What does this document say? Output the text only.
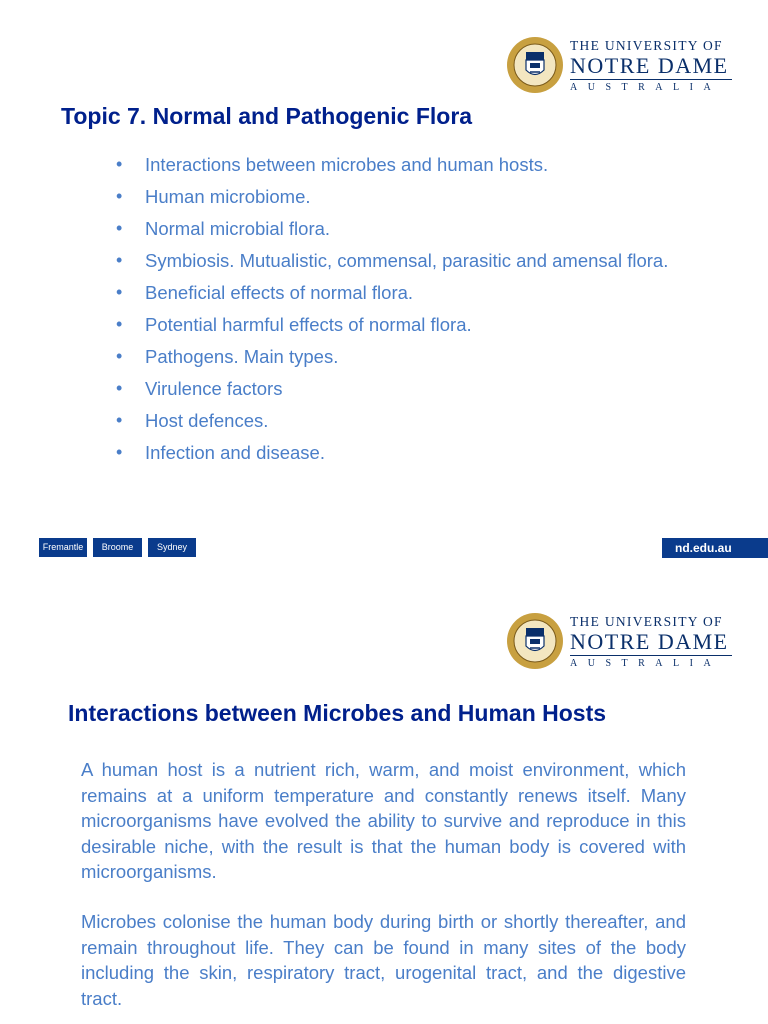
THE UNIVERSITY OF
NOTRE DAME
AUSTRALIA
Topic 7. Normal and Pathogenic Flora
• Interactions between microbes and human hosts.
• Human microbiome.
• Normal microbial flora.
• Symbiosis. Mutualistic, commensal, parasitic and amensal flora.
• Beneficial effects of normal flora.
• Potential harmful effects of normal flora.
• Pathogens. Main types.
• Virulence factors
• Host defences.
• Infection and disease.
Fremantle	Broome	Sydney	nd.edu.au
THE UNIVERSITY OF
NOTRE DAME
AUSTRALIA
Interactions between Microbes and Human Hosts

A human host is a nutrient rich, warm, and moist environment, which remains at a uniform temperature and constantly renews itself. Many microorganisms have evolved the ability to survive and reproduce in this desirable niche, with the result is that the human body is covered with microorganisms.

Microbes colonise the human body during birth or shortly thereafter, and remain throughout life. They can be found in many sites of the body including the skin, respiratory tract, urogenital tract, and the digestive tract.
